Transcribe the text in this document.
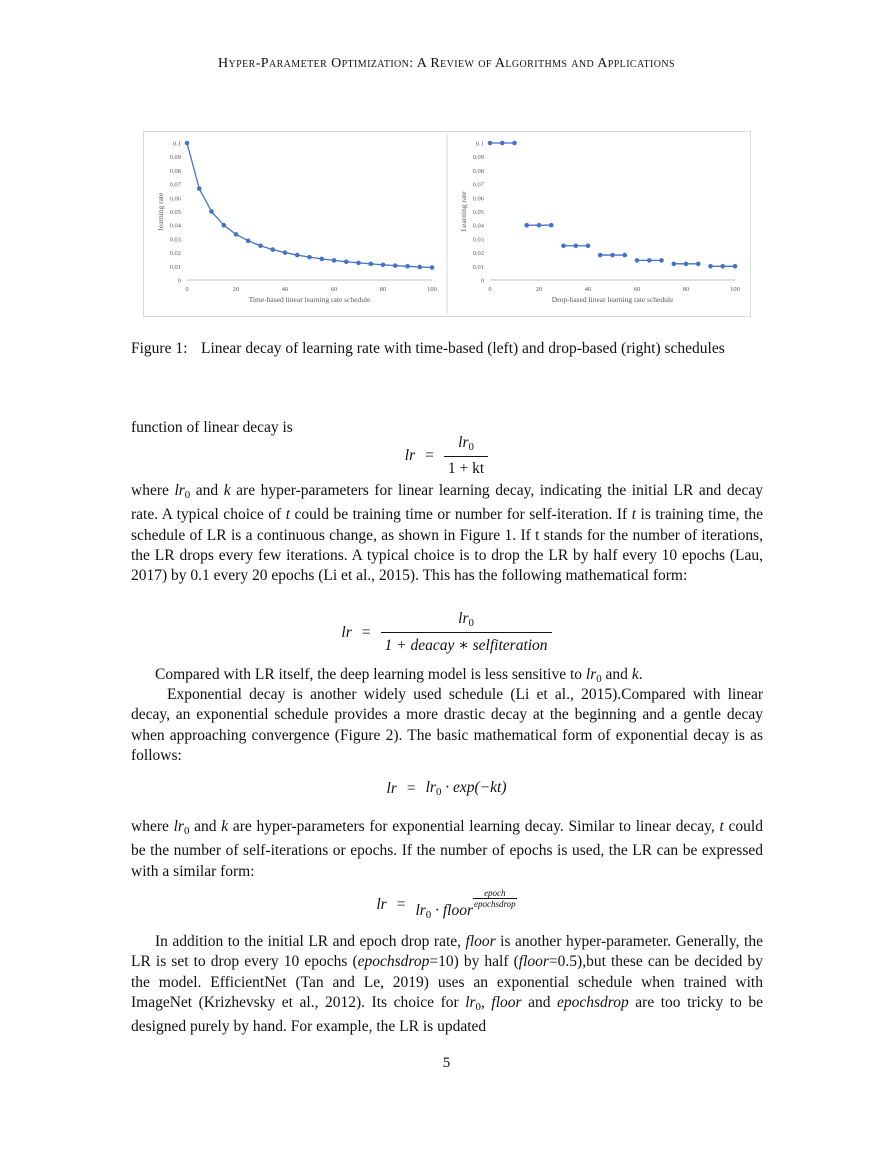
Hyper-Parameter Optimization: A Review of Algorithms and Applications
0
0.01
0.02
0.03
0.04
0.05
0.06
0.07
0.08
0.09
0.1
0	20	40	60	80	100
Time-based linear learning rate schedule
learning rate
0
0.01
0.02
0.03
0.04
0.05
0.06
0.07
0.08
0.09
0.1
0	20	40	60	80	100
Drop-based linear learning rate schedule
Learning rate
Figure 1: Linear decay of learning rate with time-based (left) and drop-based (right) schedules
function of linear decay is
lr = $\frac{lr_0}{1 + kt}$
where $lr_0$ and k are hyper-parameters for linear learning decay, indicating the initial LR and decay rate. A typical choice of t could be training time or number for self-iteration. If t is training time, the schedule of LR is a continuous change, as shown in Figure 1. If t stands for the number of iterations, the LR drops every few iterations. A typical choice is to drop the LR by half every 10 epochs (Lau, 2017) by 0.1 every 20 epochs (Li et al., 2015). This has the following mathematical form:
lr = $\frac{lr_0}{\text{1 + deacay ∗ selfiteration}}$
Compared with LR itself, the deep learning model is less sensitive to $lr_0$ and k.
Exponential decay is another widely used schedule (Li et al., 2015).Compared with linear decay, an exponential schedule provides a more drastic decay at the beginning and a gentle decay when approaching convergence (Figure 2). The basic mathematical form of exponential decay is as follows:
lr = $lr_0 \cdot \exp(-kt)$
where $lr_0$ and k are hyper-parameters for exponential learning decay. Similar to linear decay, t could be the number of self-iterations or epochs. If the number of epochs is used, the LR can be expressed with a similar form:
lr = $lr_0$ · floor
$\frac{\text{epoch}}{\text{epochsdrop}}$
In addition to the initial LR and epoch drop rate, floor is another hyper-parameter. Generally, the LR is set to drop every 10 epochs (epochsdrop=10) by half (floor=0.5),but these can be decided by the model. EfficientNet (Tan and Le, 2019) uses an exponential schedule when trained with ImageNet (Krizhevsky et al., 2012). Its choice for $lr_0$, floor and epochsdrop are too tricky to be designed purely by hand. For example, the LR is updated
5
